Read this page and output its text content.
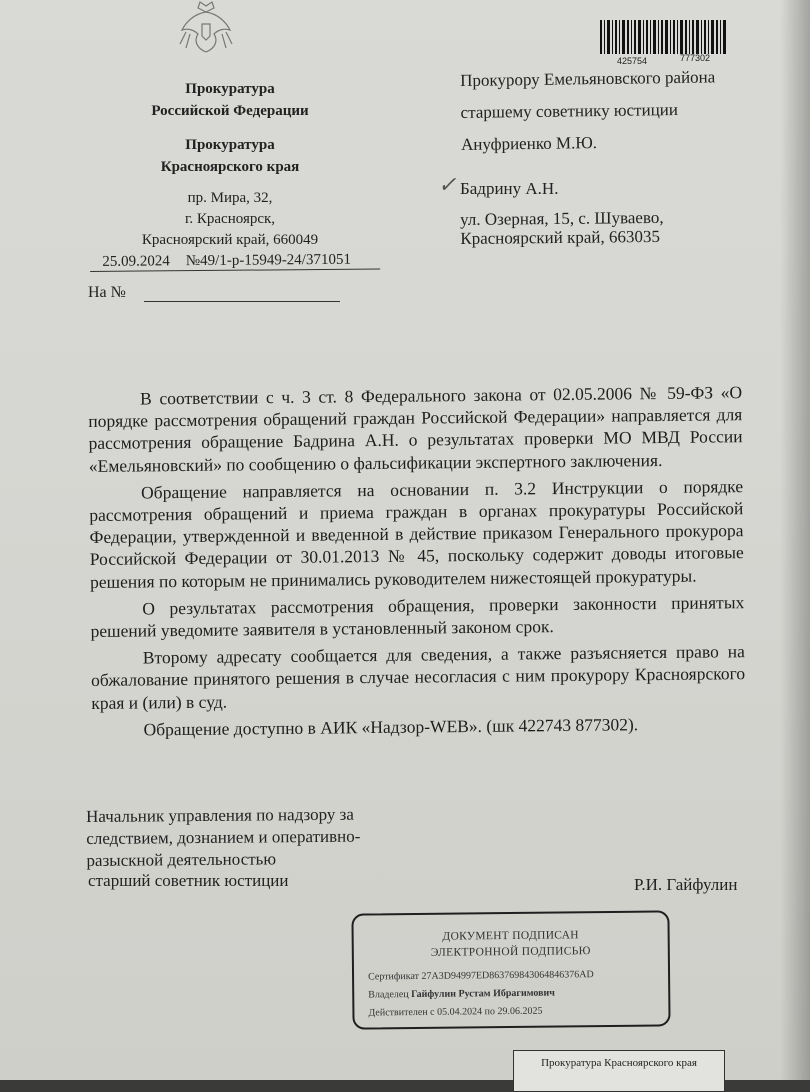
Прокуратура
Российской Федерации
Прокуратура
Красноярского края
пр. Мира, 32,
г. Красноярск,
Красноярский край, 660049
25.09.2024 №49/1-р-15949-24/371051
На №
425754	777302
Прокурору Емельяновского района
старшему советнику юстиции
Ануфриенко М.Ю.
✓ Бадрину А.Н.
ул. Озерная, 15, с. Шуваево,
Красноярский край, 663035

В соответствии с ч. 3 ст. 8 Федерального закона от 02.05.2006 № 59-ФЗ «О порядке рассмотрения обращений граждан Российской Федерации» направляется для рассмотрения обращение Бадрина А.Н. о результатах проверки МО МВД России «Емельяновский» по сообщению о фальсификации экспертного заключения.

Обращение направляется на основании п. 3.2 Инструкции о порядке рассмотрения обращений и приема граждан в органах прокуратуры Российской Федерации, утвержденной и введенной в действие приказом Генерального прокурора Российской Федерации от 30.01.2013 № 45, поскольку содержит доводы итоговые решения по которым не принимались руководителем нижестоящей прокуратуры.

О результатах рассмотрения обращения, проверки законности принятых решений уведомите заявителя в установленный законом срок.

Второму адресату сообщается для сведения, а также разъясняется право на обжалование принятого решения в случае несогласия с ним прокурору Красноярского края и (или) в суд.

Обращение доступно в АИК «Надзор-WEB». (шк 422743 877302).

Начальник управления по надзору за
следствием, дознанием и оперативно-
разыскной деятельностью
старший советник юстиции	Р.И. Гайфулин
ДОКУМЕНТ ПОДПИСАН
ЭЛЕКТРОННОЙ ПОДПИСЬЮ
Сертификат 27A3D94997ED863769843064846376AD
Владелец Гайфулин Рустам Ибрагимович
Действителен с 05.04.2024 по 29.06.2025
Прокуратура Красноярского края
